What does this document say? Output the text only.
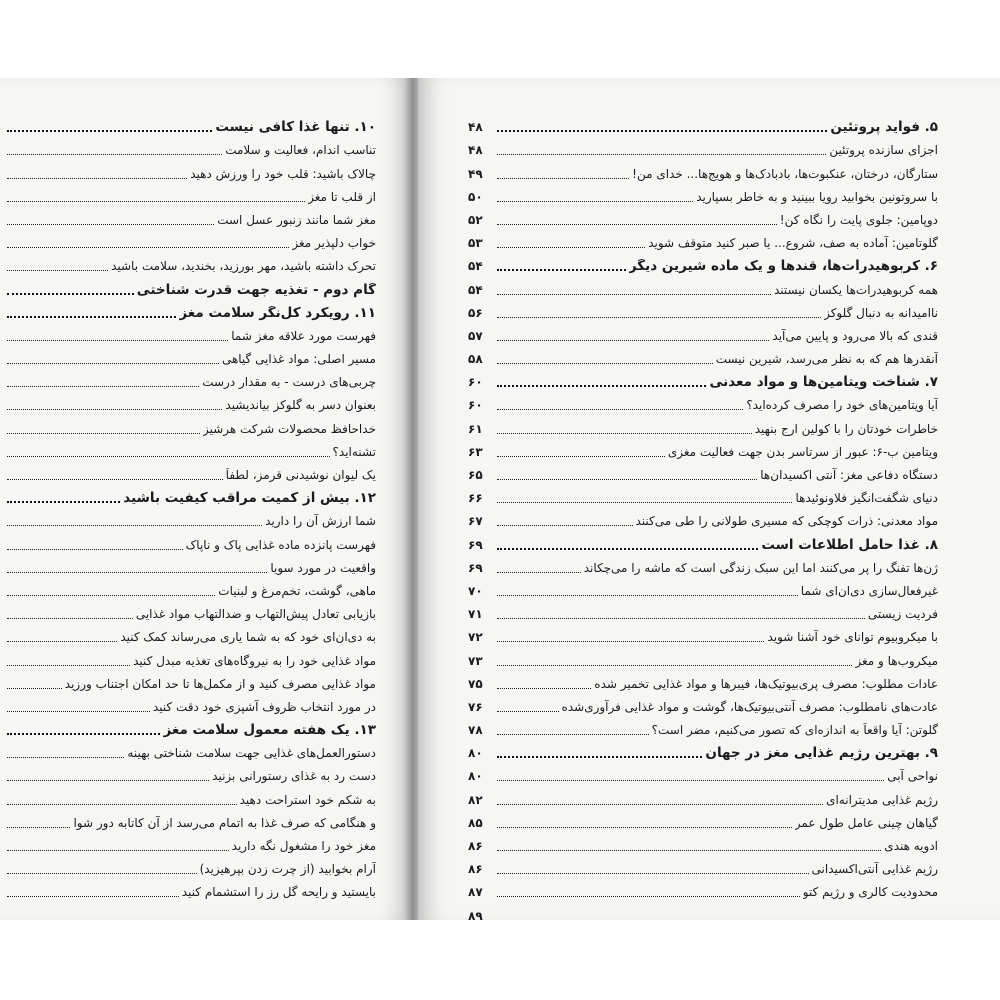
۱۰. تنها غذا کافی نیست
تناسب اندام، فعالیت و سلامت
چالاک باشید: قلب خود را ورزش دهید
از قلب تا مغز
مغز شما مانند زنبور عسل است
خواب دلپذیر مغز
تحرک داشته باشید، مهر بورزید، بخندید، سلامت باشید
گام دوم - تغذیه جهت قدرت شناختی
۱۱. رویکرد کل‌نگر سلامت مغز
فهرست مورد علاقه مغز شما
مسیر اصلی: مواد غذایی گیاهی
چربی‌های درست - به مقدار درست
بعنوان دسر به گلوکز بیاندیشید
خداحافظ محصولات شرکت هرشیز
تشنه‌اید؟
یک لیوان نوشیدنی قرمز، لطفاً
۱۲. بیش از کمیت مراقب کیفیت باشید
شما ارزش آن را دارید
فهرست پانزده ماده غذایی پاک و ناپاک
واقعیت در مورد سویا
ماهی، گوشت، تخم‌مرغ و لبنیات
بازیابی تعادل پیش‌التهاب و ضدالتهاب مواد غذایی
به دی‌ان‌ای خود که به شما یاری می‌رساند کمک کنید
مواد غذایی خود را به نیروگاه‌های تغذیه مبدل کنید
مواد غذایی مصرف کنید و از مکمل‌ها تا حد امکان اجتناب ورزید
در مورد انتخاب ظروف آشپزی خود دقت کنید
۱۳. یک هفته معمول سلامت مغز
دستورالعمل‌های غذایی جهت سلامت شناختی بهینه
دست رد به غذای رستورانی بزنید
به شکم خود استراحت دهید
و هنگامی که صرف غذا به اتمام می‌رسد از آن کاتابه دور شوا
مغز خود را مشغول نگه دارید
آرام بخوابید (از چرت زدن بپرهیزید)
بایستید و رایحه گل رز را استشمام کنید
۵. فواید پروتئین
۴۸
اجزای سازنده پروتئین
۴۸
ستارگان، درختان، عنکبوت‌ها، بادبادک‌ها و هویج‌ها... خدای من!
۴۹
با سروتونین بخوابید رویا ببینید و به خاطر بسپارید
۵۰
دوپامین: جلوی پایت را نگاه کن!
۵۲
گلوتامین: آماده به صف، شروع... یا صبر کنید متوقف شوید
۵۳
۶. کربوهیدرات‌ها، قندها و یک ماده شیرین دیگر
۵۴
همه کربوهیدرات‌ها یکسان نیستند
۵۴
ناامیدانه به دنبال گلوکز
۵۶
قندی که بالا می‌رود و پایین می‌آید
۵۷
آنقدرها هم که به نظر می‌رسد، شیرین نیست
۵۸
۷. شناخت ویتامین‌ها و مواد معدنی
۶۰
آیا ویتامین‌های خود را مصرف کرده‌اید؟
۶۰
خاطرات خودتان را با کولین ارج بنهید
۶۱
ویتامین ب-۶: عبور از سرتاسر بدن جهت فعالیت مغزی
۶۳
دستگاه دفاعی مغز: آنتی اکسیدان‌ها
۶۵
دنیای شگفت‌انگیز فلاونوئیدها
۶۶
مواد معدنی: ذرات کوچکی که مسیری طولانی را طی می‌کنند
۶۷
۸. غذا حامل اطلاعات است
۶۹
ژن‌ها تفنگ را پر می‌کنند اما این سبک زندگی است که ماشه را می‌چکاند
۶۹
غیرفعال‌سازی دی‌ان‌ای شما
۷۰
فردیت زیستی
۷۱
با میکروبیوم توانای خود آشنا شوید
۷۲
میکروب‌ها و مغز
۷۳
عادات مطلوب: مصرف پری‌بیوتیک‌ها، فیبرها و مواد غذایی تخمیر شده
۷۵
عادت‌های نامطلوب: مصرف آنتی‌بیوتیک‌ها، گوشت و مواد غذایی فرآوری‌شده
۷۶
گلوتن: آیا واقعاً به اندازه‌ای که تصور می‌کنیم، مضر است؟
۷۸
۹. بهترین رژیم غذایی مغز در جهان
۸۰
نواحی آبی
۸۰
رژیم غذایی مدیترانه‌ای
۸۲
گیاهان چینی عامل طول عمر
۸۵
ادویه هندی
۸۶
رژیم غذایی آنتی‌اکسیدانی
۸۶
محدودیت کالری و رژیم کتو
۸۷
۸۹
